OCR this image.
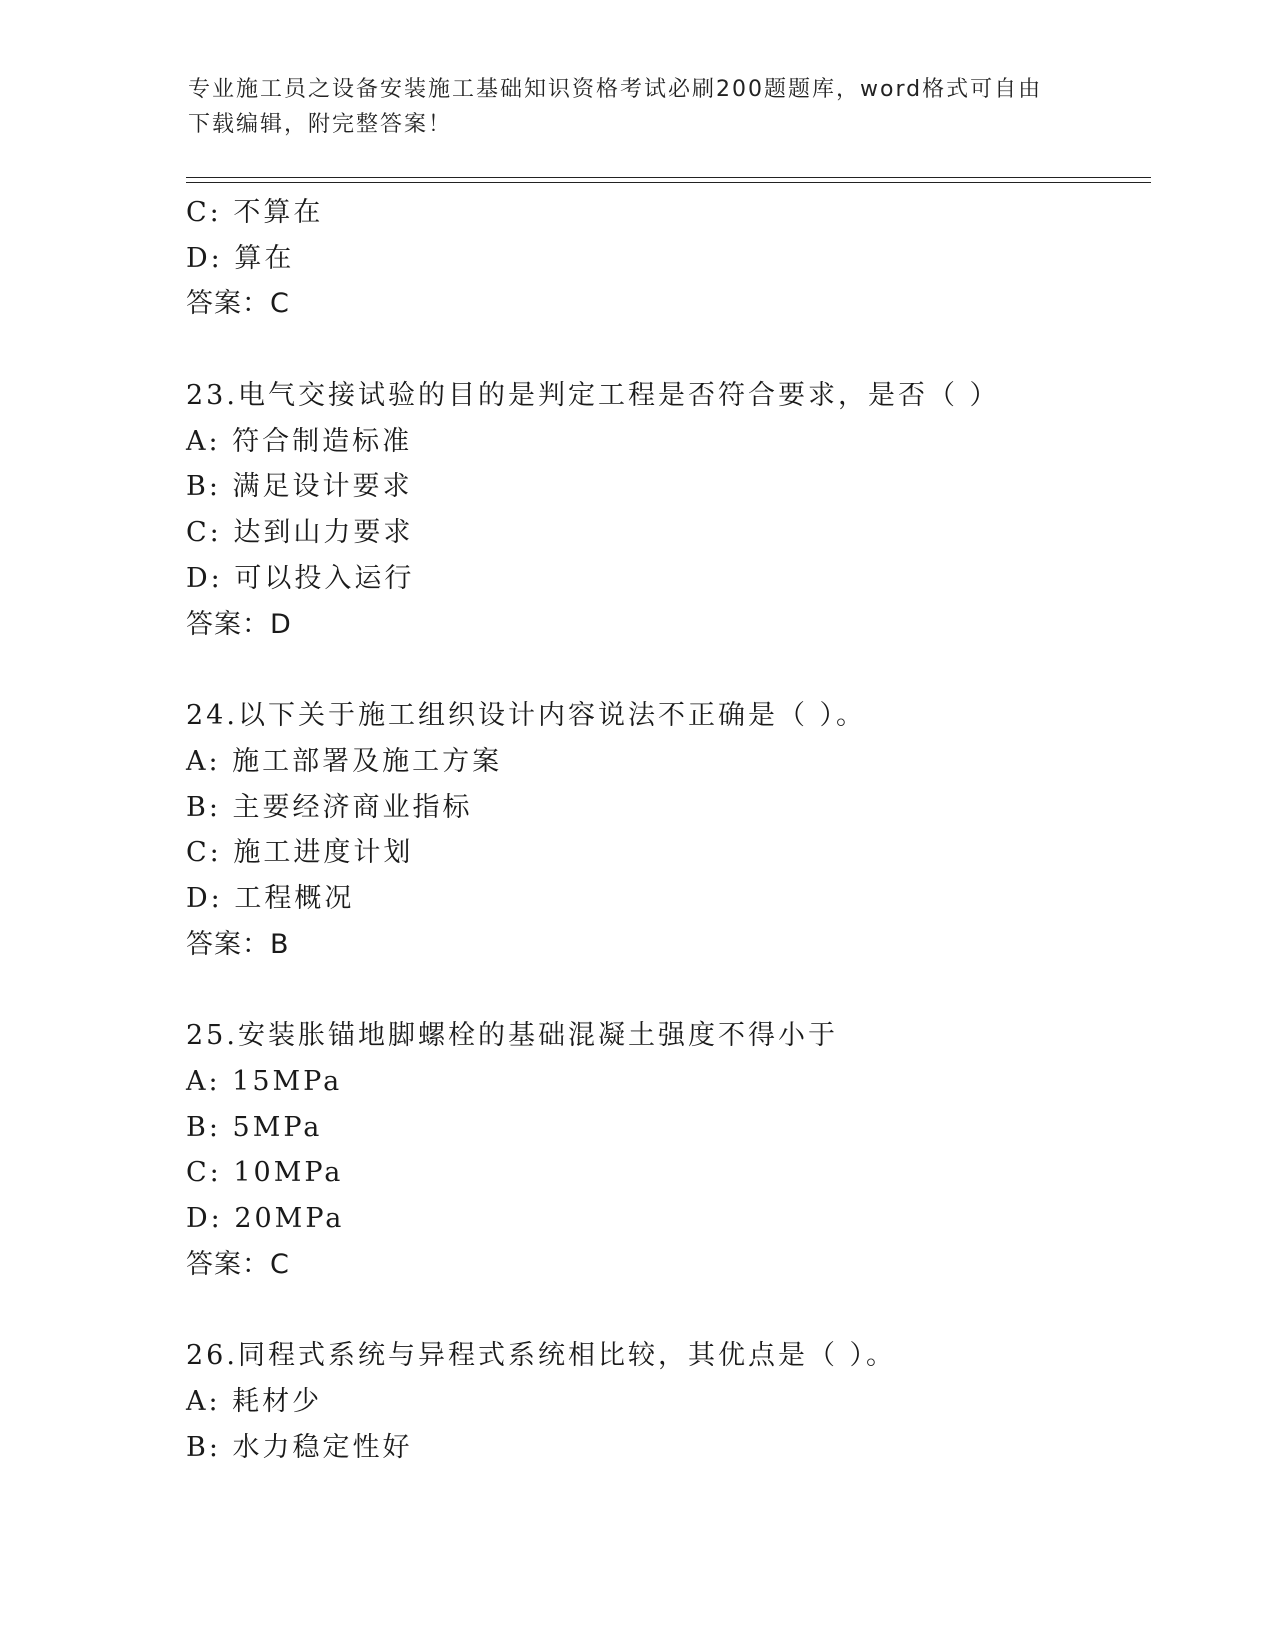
专业施工员之设备安装施工基础知识资格考试必刷200题题库，word格式可自由
下载编辑，附完整答案！
C: 不算在
D: 算在
答案：C
23.电气交接试验的目的是判定工程是否符合要求，是否（ ）
A: 符合制造标准
B: 满足设计要求
C: 达到山力要求
D: 可以投入运行
答案：D
24.以下关于施工组织设计内容说法不正确是（ ）。
A: 施工部署及施工方案
B: 主要经济商业指标
C: 施工进度计划
D: 工程概况
答案：B
25.安装胀锚地脚螺栓的基础混凝土强度不得小于
A: 15MPa
B: 5MPa
C: 10MPa
D: 20MPa
答案：C
26.同程式系统与异程式系统相比较，其优点是（ ）。
A: 耗材少
B: 水力稳定性好
